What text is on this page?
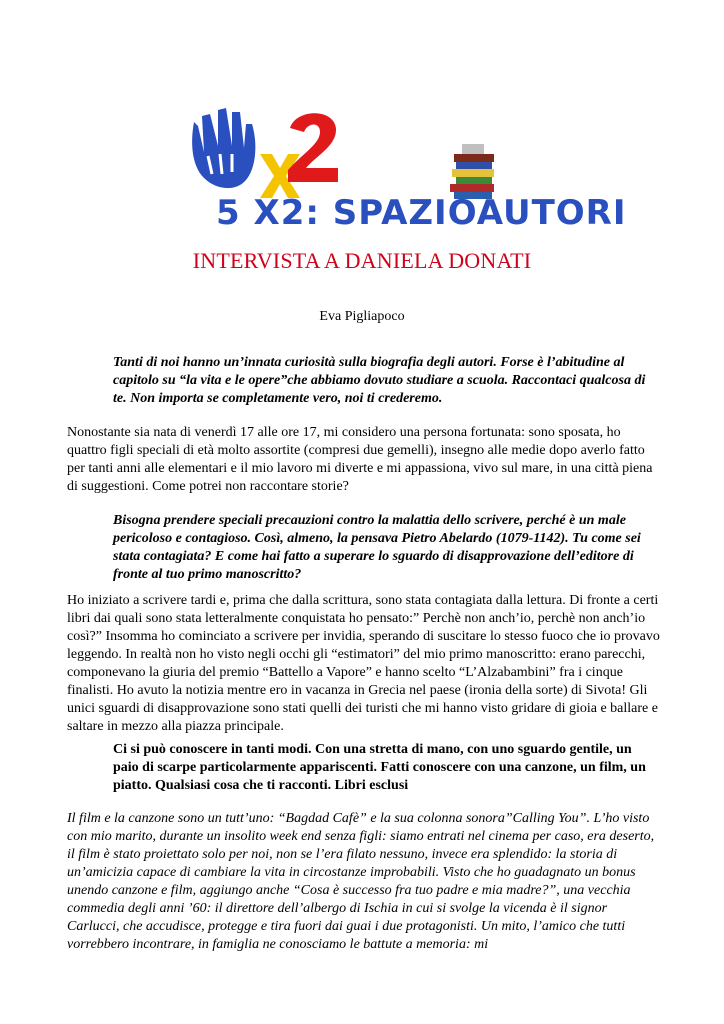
5 X2: SPAZIOAUTORI
INTERVISTA A DANIELA DONATI
Eva Pigliapoco
Tanti di noi hanno un’innata curiosità sulla biografia degli autori. Forse è l’abitudine al capitolo su “la vita e le opere”che abbiamo dovuto studiare a scuola. Raccontaci qualcosa di te. Non importa se completamente vero, noi ti crederemo.
Nonostante sia nata di venerdì 17 alle ore 17, mi considero una persona fortunata: sono sposata, ho quattro figli speciali di età molto assortite (compresi due gemelli), insegno alle medie dopo averlo fatto per tanti anni alle elementari e il mio lavoro mi diverte e mi appassiona, vivo sul mare, in una città piena di suggestioni. Come potrei non raccontare storie?
Bisogna prendere speciali precauzioni contro la malattia dello scrivere, perché è un male pericoloso e contagioso. Così, almeno, la pensava Pietro Abelardo (1079-1142). Tu come sei stata contagiata? E come hai fatto a superare lo sguardo di disapprovazione dell’editore di fronte al tuo primo manoscritto?
Ho iniziato a scrivere tardi e, prima che dalla scrittura, sono stata contagiata dalla lettura. Di fronte a certi libri dai quali sono stata letteralmente conquistata ho pensato:” Perchè non anch’io, perchè non anch’io così?” Insomma ho cominciato a scrivere per invidia, sperando di suscitare lo stesso fuoco che io provavo leggendo. In realtà non ho visto negli occhi gli “estimatori” del mio primo manoscritto: erano parecchi, componevano la giuria del premio “Battello a Vapore” e hanno scelto “L’Alzabambini” fra i cinque finalisti. Ho avuto la notizia mentre ero in vacanza in Grecia nel paese (ironia della sorte) di Sivota! Gli unici sguardi di disapprovazione sono stati quelli dei turisti che mi hanno visto gridare di gioia e ballare e saltare in mezzo alla piazza principale.
Ci si può conoscere in tanti modi. Con una stretta di mano, con uno sguardo gentile, un paio di scarpe particolarmente appariscenti. Fatti conoscere con una canzone, un film, un piatto. Qualsiasi cosa che ti racconti. Libri esclusi
Il film e la canzone sono un tutt’uno: “Bagdad Cafè” e la sua colonna sonora”Calling You”. L’ho visto con mio marito, durante un insolito week end senza figli: siamo entrati nel cinema per caso, era deserto, il film è stato proiettato solo per noi, non se l’era filato nessuno, invece era splendido: la storia di un’amicizia capace di cambiare la vita in circostanze improbabili. Visto che ho guadagnato un bonus unendo canzone e film, aggiungo anche “Cosa è successo fra tuo padre e mia madre?”, una vecchia commedia degli anni ’60: il direttore dell’albergo di Ischia in cui si svolge la vicenda è il signor Carlucci, che accudisce, protegge e tira fuori dai guai i due protagonisti. Un mito, l’amico che tutti vorrebbero incontrare, in famiglia ne conosciamo le battute a memoria: mi
